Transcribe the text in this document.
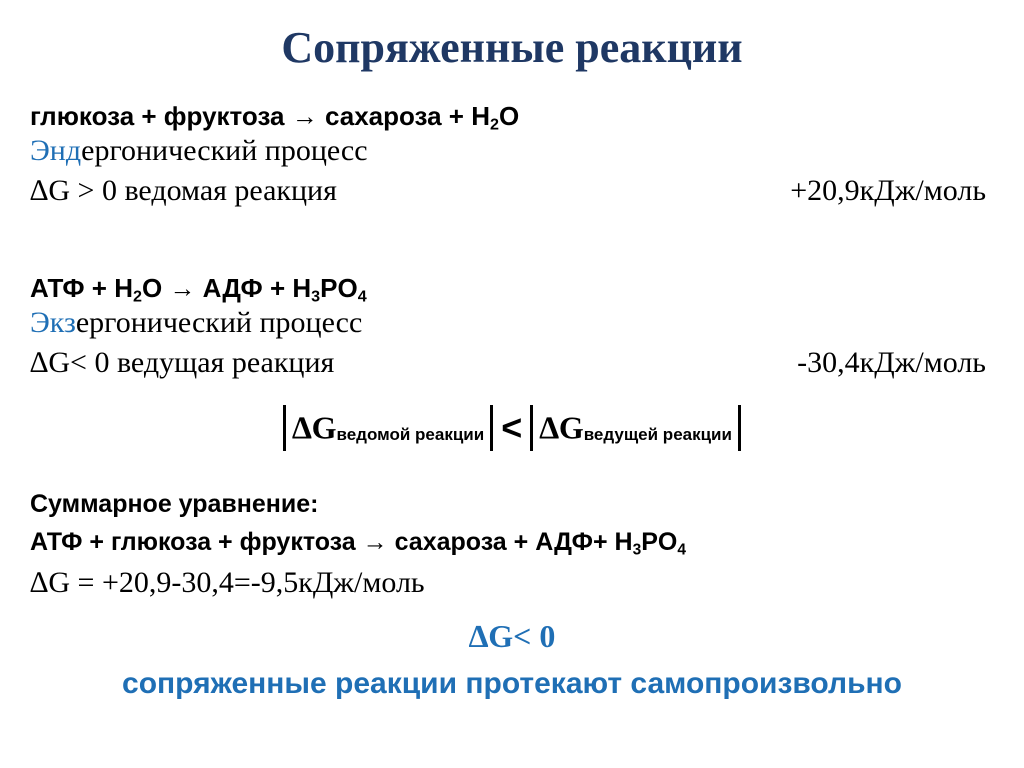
Сопряженные реакции
глюкоза + фруктоза → сахароза + $H_2O$
Эндергонический процесс
∆G > 0 ведомая реакция	+20,9кДж/моль
АТФ + $H_2O$ → АДФ + $H_3PO_4$
Экзергонический процесс
∆G< 0 ведущая реакция	-30,4кДж/моль
∆Gведомой реакции < ∆Gведущей реакции
Суммарное уравнение:
АТФ + глюкоза + фруктоза → сахароза + $АДФ+ H_3PO_4$
∆G = +20,9-30,4=-9,5кДж/моль
∆G< 0
сопряженные реакции протекают самопроизвольно
